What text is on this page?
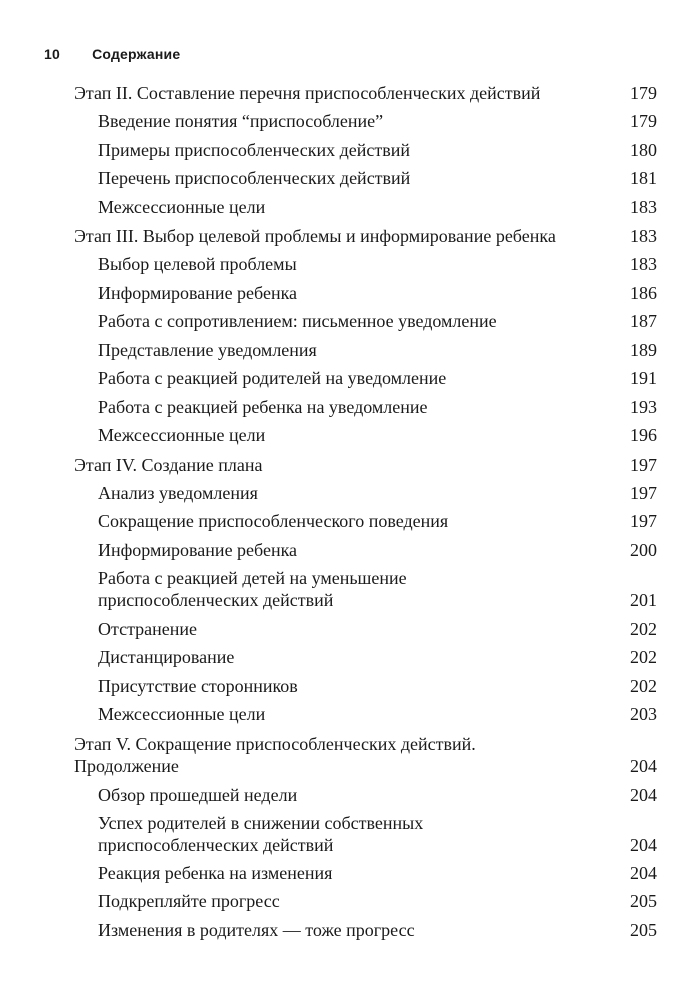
10 Содержание
Этап II. Составление перечня приспособленческих действий	179
Введение понятия “приспособление”	179
Примеры приспособленческих действий	180
Перечень приспособленческих действий	181
Межсессионные цели	183
Этап III. Выбор целевой проблемы и информирование ребенка	183
Выбор целевой проблемы	183
Информирование ребенка	186
Работа с сопротивлением: письменное уведомление	187
Представление уведомления	189
Работа с реакцией родителей на уведомление	191
Работа с реакцией ребенка на уведомление	193
Межсессионные цели	196
Этап IV. Создание плана	197
Анализ уведомления	197
Сокращение приспособленческого поведения	197
Информирование ребенка	200
Работа с реакцией детей на уменьшение
приспособленческих действий	201
Отстранение	202
Дистанцирование	202
Присутствие сторонников	202
Межсессионные цели	203
Этап V. Сокращение приспособленческих действий.
Продолжение	204
Обзор прошедшей недели	204
Успех родителей в снижении собственных
приспособленческих действий	204
Реакция ребенка на изменения	204
Подкрепляйте прогресс	205
Изменения в родителях — тоже прогресс	205
